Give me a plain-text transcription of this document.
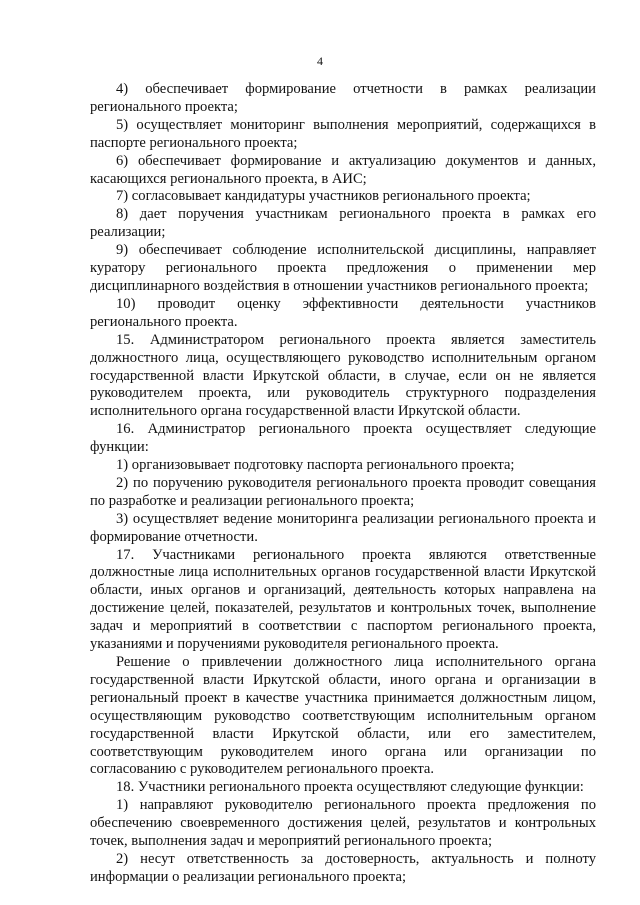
4

4) обеспечивает формирование отчетности в рамках реализации регионального проекта;

5) осуществляет мониторинг выполнения мероприятий, содержащихся в паспорте регионального проекта;

6) обеспечивает формирование и актуализацию документов и данных, касающихся регионального проекта, в АИС;

7) согласовывает кандидатуры участников регионального проекта;

8) дает поручения участникам регионального проекта в рамках его реализации;

9) обеспечивает соблюдение исполнительской дисциплины, направляет куратору регионального проекта предложения о применении мер дисциплинарного воздействия в отношении участников регионального проекта;

10) проводит оценку эффективности деятельности участников регионального проекта.

15. Администратором регионального проекта является заместитель должностного лица, осуществляющего руководство исполнительным органом государственной власти Иркутской области, в случае, если он не является руководителем проекта, или руководитель структурного подразделения исполнительного органа государственной власти Иркутской области.

16. Администратор регионального проекта осуществляет следующие функции:

1) организовывает подготовку паспорта регионального проекта;

2) по поручению руководителя регионального проекта проводит совещания по разработке и реализации регионального проекта;

3) осуществляет ведение мониторинга реализации регионального проекта и формирование отчетности.

17. Участниками регионального проекта являются ответственные должностные лица исполнительных органов государственной власти Иркутской области, иных органов и организаций, деятельность которых направлена на достижение целей, показателей, результатов и контрольных точек, выполнение задач и мероприятий в соответствии с паспортом регионального проекта, указаниями и поручениями руководителя регионального проекта.

Решение о привлечении должностного лица исполнительного органа государственной власти Иркутской области, иного органа и организации в региональный проект в качестве участника принимается должностным лицом, осуществляющим руководство соответствующим исполнительным органом государственной власти Иркутской области, или его заместителем, соответствующим руководителем иного органа или организации по согласованию с руководителем регионального проекта.

18. Участники регионального проекта осуществляют следующие функции:

1) направляют руководителю регионального проекта предложения по обеспечению своевременного достижения целей, результатов и контрольных точек, выполнения задач и мероприятий регионального проекта;

2) несут ответственность за достоверность, актуальность и полноту информации о реализации регионального проекта;
